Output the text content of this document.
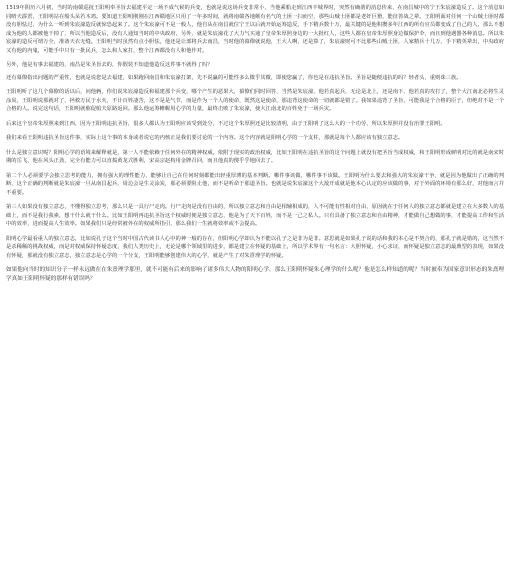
1519年阴历六月初，当时的南赣巡抚王阳明奉圣旨去福建平定一场不成气候的兵变，也就是说这场兵变非常小，当他乘船走到江西丰城界时，突然有确凿的消息传来，在南昌城中的宁王朱宸濠造反了。这个消息如同晴天霹雳，王阳明站在船头呆若木鸡。要知道王阳明刚刚在江西赣地区只用了一年多时间，就将南赣各地颇有名气的土匪一扫而空，那些山贼土匪都是老奸巨猾，能征善战之辈。王阳明面对任何一个山贼土匪时都没有胆怯过，为什么一听到朱宸濠造反就惊恐起来了。这个朱宸濠可不是一般人，他自从在南昌就位宁王以后就开始运筹造反，手下精兵数十万，最关键的是他积攒多年江西的所有官员都变成了自己的人，那么不想成为他的人都被他干掉了，所以当他造反后，没有人通知当时的中央政府，另外，就是朱宸濠花了大力气买通了皇帝朱厚照身边的一大批红人，这些人都在皇帝朱厚照身边做保护伞，而且到他遇器各种消息。所以朱宸濠的造反可谓万全，准备天衣无缝。王阳明当时虽然有点小胆怯，他还是让部将兵去南昌，当时他的幕僚就说他，王大人啊，还是算了，朱宸濠财可不比那些山贼土匪，人家精兵十几万，手下精英辈出，中央政府又有他的内鬼，可能手中只有一批民兵，怎么和人家打，整个江西都没有人和他作对。

另外，他是有事去福建的，南昌是朱圣旨去的，你假装不知道他造反这件事不就得了吗？

还有幕僚指出问题的严重性，也就是说您是去福建，如果跑回南昌和朱宸濠打架，先不说赢的可能性多么微乎其微，即使您赢了，你也是在违抗圣旨。圣旨是随便违抗的吗？轻者头，重则诛三族。

王阳明听了这几个幕僚的话以后，问他俩，你们说朱宸濠造反和福建那个兵变，哪个产生的恶果大，幕僚们同时回答，当然是朱宸濠，他若真起兵，无论是北上，还是南下，他若真的攻打了，整个大江南北必将生灵涂炭，王阳明说那就对了，拯救万民于水火，不计百姓凄苦，这不是是气节，而是作为一个人的使命，既然这是使命，那违背这使命的一切就都是错了。我如果违背了圣旨，可能我是个合格的臣子，但绝对不是一个合格的人。说完这句话，王阳明就催促船夫原路返回。那么他运筹帷幄用心学的力量，最终击败了朱宸濠，使大江南北的百姓免于一场兵灾。

后来这个皇帝朱厚照来到江西，因为王阳明违抗圣旨，很多人都认为王阳明应该受到处分，不过这个朱厚照还是比较清明，由于王阳明了这么大的一个功劳，所以朱厚照并没有治罪王阳明。

我们来看王阳明违抗圣旨这件事，实际上这个事的本身或者说它的内核正是我们要讨论的一个内容。这个内容就是阳明心学的一个支柱，那就是每个人都应该有独立意志。

什么是独立意识呢？阳明心学的语境来解释就是，第一人不能依赖于任何外在的精神权威，依附于现实的政治权威，比如王阳明在违抗圣旨的这个问题上就没有把圣旨当成权威，和王阳明形成鲜明对比的就是南宋时期的岳飞，他在风头正劲，完全有能力可以直捣黄龙式胜利，宋高宗赵构用金牌召回，而且他真的傻乎乎地回去了。

第二个人必须要学会独立思考的能力，拥有强大的理性能力，能够让自己在任何时刻都能出轻重厚薄的基本判断。哪件事该做，哪件事不该做。王阳明为什么要去和强大的朱宸濠干争，就是因为他做出了正确的判断，这个正确的判断就是朱宸濠一旦从南昌起兵，周边会是生灵涂炭，那必须要阻止他，而不是听命于那道圣旨。也就是说朱宸濠这个大敌开成就是他本心认定的应该做的事，对于外面的环境有那么好，对他而言并不重要。

第三人如果没有独立意志，不懂得独立思考，那么只是一具行尸走肉。行尸走肉是没有自由的，所以独立意志和自由是相辅相成的，人不可能有性相对自由，原因就在于任何人的独立意志都就是建立在大多数人的基础上，而不是我行我素，想干什么就干什么。比如王阳明再违抗圣旨这个权威时便是独立意志，他是为了天下百姓，而不是一己之私人。只有具备了独立意志和自由精神，才能做自己想做的事，才能提高工作和生活中的效率，进而提高人生效率。如果我们只是经常被外在的权威所指引，那么我们一生就将效率或不会提高。

阳明心学最看重人的独立意志，比如说孔子这个当时中国古代读书人心中的神一般的存在，但阳明心学却认为不能以孔子之是非为是非。意思就是如果孔子说的话和我的本心是不契合的，那孔子就是错的，这当然不是杀稀稀的挑战权威，而是对权威保持怀疑态度，我们人类历史上，无论是哪个领域里的进步，都是建立在怀疑的基础上，所以学术界有一句名言：大胆怀疑，小心求证，而怀疑是独立意志的最典型的表现，如果没有怀疑，那就没有独立意志，独立意志是心学的一个分支，王阳明能够创建伟大的心学，就是产生了对朱熹理学的怀疑。

如果他向当时的知识分子一样永远做在在朱熹理学那里，就不可能有后来的影响了诸多伟大人物的阳明心学。那么王阳明怀疑朱心理学的什么呢？他是怎么样知道的呢？当时被奉为国家意识形态的朱熹理学真如王阳明怀疑的那样有错误吗？
